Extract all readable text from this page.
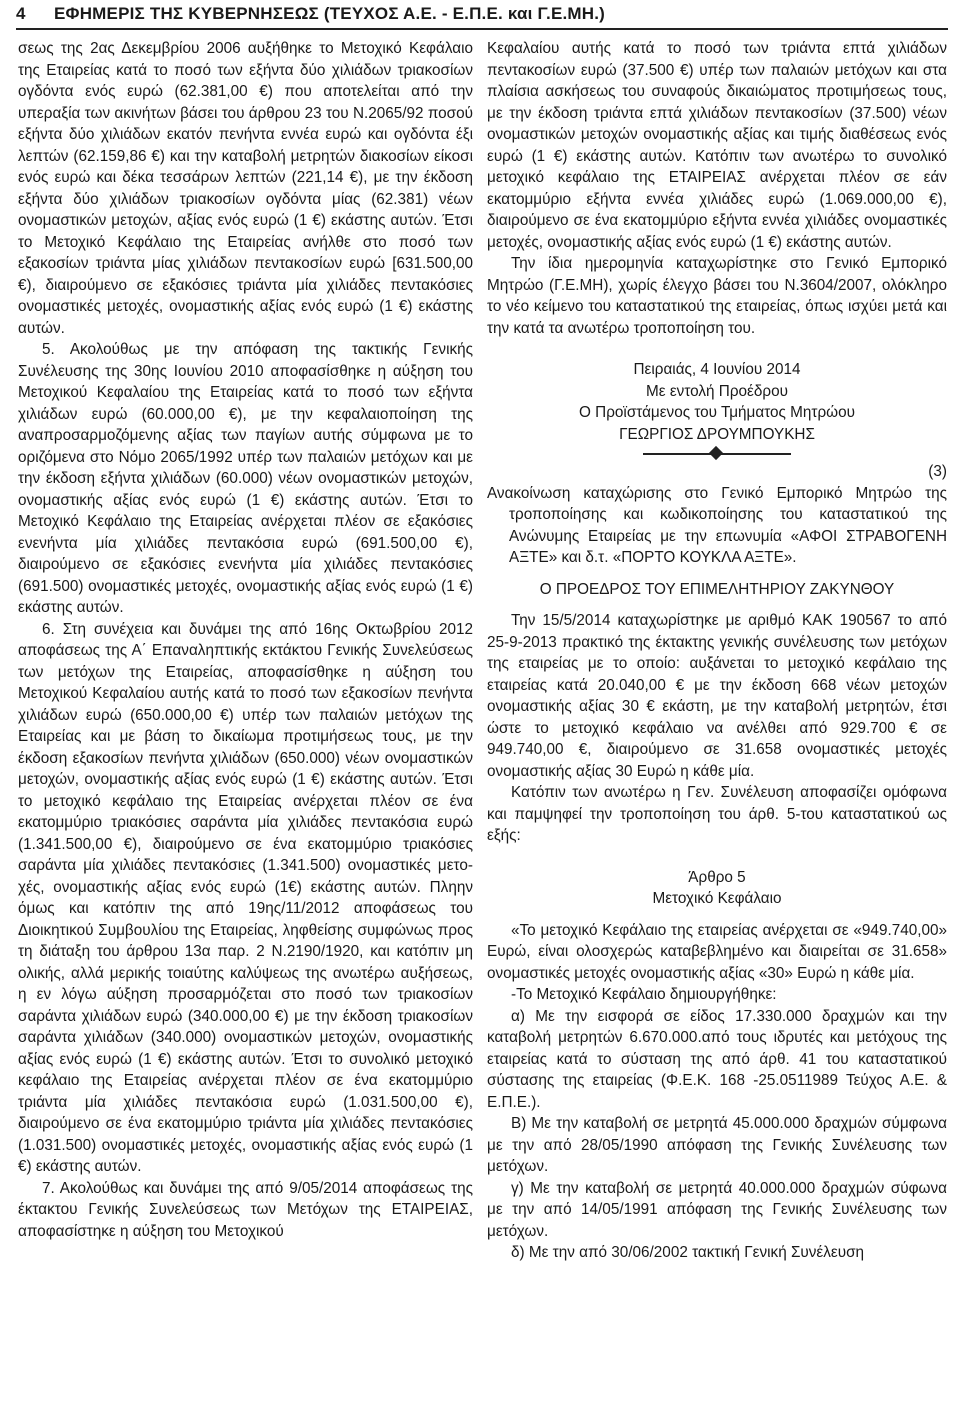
4 ΕΦΗΜΕΡΙΣ ΤΗΣ ΚΥΒΕΡΝΗΣΕΩΣ (ΤΕΥΧΟΣ Α.Ε. - Ε.Π.Ε. και Γ.Ε.ΜΗ.)

σεως της 2ας Δεκεμβρίου 2006 αυξήθηκε το Μετοχικό Κεφάλαιο της Εταιρείας κατά το ποσό των εξήντα δύο χιλιάδων τριακοσίων ογδόντα ενός ευρώ (62.381,00 €) που αποτελείται από την υπεραξία των ακινήτων βάσει του άρθρου 23 του Ν.2065/92 ποσού εξήντα δύο χιλιάδων εκατόν πενήντα εννέα ευρώ και ογδόντα έξι λεπτών (62.159,86 €) και την καταβολή μετρητών διακοσίων είκοσι ενός ευρώ και δέκα τεσσάρων λεπτών (221,14 €), με την έκδοση εξήντα δύο χιλιάδων τριακοσίων ογδόντα μίας (62.381) νέων ονομαστικών μετοχών, αξίας ενός ευρώ (1 €) εκάστης αυτών. Έτσι το Μετοχικό Κεφάλαιο της Εταιρείας ανήλθε στο ποσό των εξακοσίων τριάντα μίας χιλιάδων πεντακοσίων ευρώ [631.500,00 €), διαιρούμενο σε εξακόσιες τριάντα μία χιλιάδες πεντακόσιες ονομαστικές μετοχές, ονομαστικής αξίας ενός ευρώ (1 €) εκάστης αυτών.

5. Ακολούθως με την απόφαση της τακτικής Γενικής Συνέλευσης της 30ης Ιουνίου 2010 αποφασίσθηκε η αύξηση του Μετοχικού Κεφαλαίου της Εταιρείας κατά το ποσό των εξήντα χιλιάδων ευρώ (60.000,00 €), με την κεφαλαιοποίηση της αναπροσαρμοζόμενης αξίας των παγίων αυτής σύμφωνα με το οριζόμενα στο Νόμο 2065/1992 υπέρ των παλαιών μετόχων και με την έκδοση εξήντα χιλιάδων (60.000) νέων ονομαστικών μετοχών, ονομαστικής αξίας ενός ευρώ (1 €) εκάστης αυτών. Έτσι το Μετοχικό Κεφάλαιο της Εταιρείας ανέρχεται πλέον σε εξακόσιες ενενήντα μία χιλιάδες πεντακόσια ευρώ (691.500,00 €), διαιρούμενο σε εξακόσιες ενενήντα μία χιλιάδες πεντακόσιες (691.500) ονομαστικές μετοχές, ονομαστικής αξίας ενός ευρώ (1 €) εκάστης αυτών.

6. Στη συνέχεια και δυνάμει της από 16ης Οκτωβρίου 2012 αποφάσεως της Α΄ Επαναληπτικής εκτάκτου Γενικής Συνελεύσεως των μετόχων της Εταιρείας, αποφασίσθηκε η αύξηση του Μετοχικού Κεφαλαίου αυτής κατά το ποσό των εξακοσίων πενήντα χιλιάδων ευρώ (650.000,00 €) υπέρ των παλαιών μετόχων της Εταιρείας και με βάση το δικαίωμα προτιμήσεως τους, με την έκδοση εξακοσίων πενήντα χιλιάδων (650.000) νέων ονομαστικών μετοχών, ονομαστικής αξίας ενός ευρώ (1 €) εκάστης αυτών. Έτσι το μετοχικό κεφάλαιο της Εταιρείας ανέρχεται πλέον σε ένα εκατομμύριο τριακόσιες σαράντα μία χιλιάδες πεντακόσια ευρώ (1.341.500,00 €), διαιρούμενο σε ένα εκατομμύριο τριακόσιες σαράντα μία χιλιάδες πεντακόσιες (1.341.500) ονομαστικές μετοχές, ονομαστικής αξίας ενός ευρώ (1€) εκάστης αυτών. Πληην όμως και κατόπιν της από 19ης/11/2012 αποφάσεως του Διοικητικού Συμβουλίου της Εταιρείας, ληφθείσης συμφώνως προς τη διάταξη του άρθρου 13α παρ. 2 Ν.2190/1920, και κατόπιν μη ολικής, αλλά μερικής τοιαύτης καλύψεως της ανωτέρω αυξήσεως, η εν λόγω αύξηση προσαρμόζεται στο ποσό των τριακοσίων σαράντα χιλιάδων ευρώ (340.000,00 €) με την έκδοση τριακοσίων σαράντα χιλιάδων (340.000) ονομαστικών μετοχών, ονομαστικής αξίας ενός ευρώ (1 €) εκάστης αυτών. Έτσι το συνολικό μετοχικό κεφάλαιο της Εταιρείας ανέρχεται πλέον σε ένα εκατομμύριο τριάντα μία χιλιάδες πεντακόσια ευρώ (1.031.500,00 €), διαιρούμενο σε ένα εκατομμύριο τριάντα μία χιλιάδες πεντακόσιες (1.031.500) ονομαστικές μετοχές, ονομαστικής αξίας ενός ευρώ (1 €) εκάστης αυτών.

7. Ακολούθως και δυνάμει της από 9/05/2014 αποφάσεως της έκτακτου Γενικής Συνελεύσεως των Μετόχων της ΕΤΑΙΡΕΙΑΣ, αποφασίστηκε η αύξηση του Μετοχικού

Κεφαλαίου αυτής κατά το ποσό των τριάντα επτά χιλιάδων πεντακοσίων ευρώ (37.500 €) υπέρ των παλαιών μετόχων και στα πλαίσια ασκήσεως του συναφούς δικαιώματος προτιμήσεως τους, με την έκδοση τριάντα επτά χιλιάδων πεντακοσίων (37.500) νέων ονομαστικών μετοχών ονομαστικής αξίας και τιμής διαθέσεως ενός ευρώ (1 €) εκάστης αυτών. Κατόπιν των ανωτέρω το συνολικό μετοχικό κεφάλαιο της ΕΤΑΙΡΕΙΑΣ ανέρχεται πλέον σε εάν εκατομμύριο εξήντα εννέα χιλιάδες ευρώ (1.069.000,00 €), διαιρούμενο σε ένα εκατομμύριο εξήντα εννέα χιλιάδες ονομαστικές μετοχές, ονομαστικής αξίας ενός ευρώ (1 €) εκάστης αυτών.

Την ίδια ημερομηνία καταχωρίστηκε στο Γενικό Εμπορικό Μητρώο (Γ.Ε.ΜΗ), χωρίς έλεγχο βάσει του Ν.3604/2007, ολόκληρο το νέο κείμενο του καταστατικού της εταιρείας, όπως ισχύει μετά και την κατά τα ανωτέρω τροποποίηση του.

Πειραιάς, 4 Ιουνίου 2014

Με εντολή Προέδρου

Ο Προϊστάμενος του Τμήματος Μητρώου

ΓΕΩΡΓΙΟΣ ΔΡΟΥΜΠΟΥΚΗΣ

(3)

Ανακοίνωση καταχώρισης στο Γενικό Εμπορικό Μητρώο της τροποποίησης και κωδικοποίησης του καταστατικού της Ανώνυμης Εταιρείας με την επωνυμία «ΑΦΟΙ ΣΤΡΑΒΟΓΕΝΗ ΑΞΤΕ» και δ.τ. «ΠΟΡΤΟ ΚΟΥΚΛΑ ΑΞΤΕ».

Ο ΠΡΟΕΔΡΟΣ ΤΟΥ ΕΠΙΜΕΛΗΤΗΡΙΟΥ ΖΑΚΥΝΘΟΥ

Την 15/5/2014 καταχωρίστηκε με αριθμό ΚΑΚ 190567 το από 25-9-2013 πρακτικό της έκτακτης γενικής συνέλευσης των μετόχων της εταιρείας με το οποίο: αυξάνεται το μετοχικό κεφάλαιο της εταιρείας κατά 20.040,00 € με την έκδοση 668 νέων μετοχών ονομαστικής αξίας 30 € εκάστη, με την καταβολή μετρητών, έτσι ώστε το μετοχικό κεφάλαιο να ανέλθει από 929.700 € σε 949.740,00 €, διαιρούμενο σε 31.658 ονομαστικές μετοχές ονομαστικής αξίας 30 Ευρώ η κάθε μία.

Κατόπιν των ανωτέρω η Γεν. Συνέλευση αποφασίζει ομόφωνα και παμψηφεί την τροποποίηση του άρθ. 5-του καταστατικού ως εξής:

Άρθρο 5

Μετοχικό Κεφάλαιο

«Το μετοχικό Κεφάλαιο της εταιρείας ανέρχεται σε «949.740,00» Ευρώ, είναι ολοσχερώς καταβεβλημένο και διαιρείται σε 31.658» ονομαστικές μετοχές ονομαστικής αξίας «30» Ευρώ η κάθε μία.

-Το Μετοχικό Κεφάλαιο δημιουργήθηκε:

α) Με την εισφορά σε είδος 17.330.000 δραχμών και την καταβολή μετρητών 6.670.000.από τους ιδρυτές και μετόχους της εταιρείας κατά το σύσταση της από άρθ. 41 του καταστατικού σύστασης της εταιρείας (Φ.Ε.Κ. 168 -25.0511989 Τεύχος Α.Ε. & Ε.Π.Ε.).

Β) Με την καταβολή σε μετρητά 45.000.000 δραχμών σύμφωνα με την από 28/05/1990 απόφαση της Γενικής Συνέλευσης των μετόχων.

γ) Με την καταβολή σε μετρητά 40.000.000 δραχμών σύφωνα με την από 14/05/1991 απόφαση της Γενικής Συνέλευσης των μετόχων.

δ) Με την από 30/06/2002 τακτική Γενική Συνέλευση
